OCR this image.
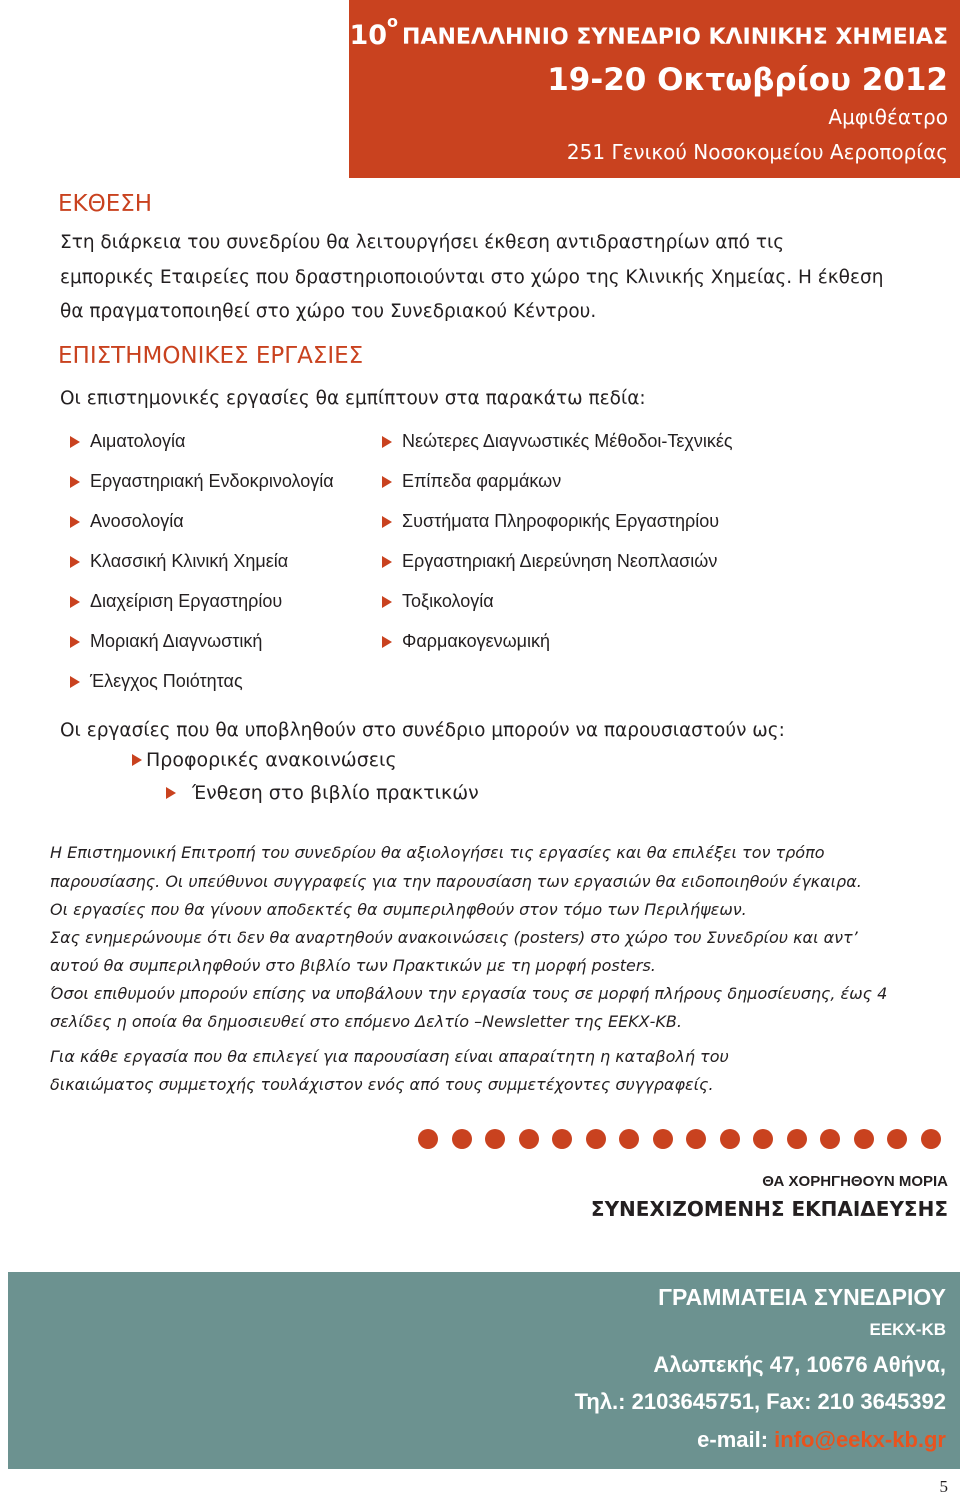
$10^o\Pi ANE\Lambda\Lambda HNIO$ ΣΥΝΕΔΡΙΟ ΚΛΙΝΙΚΗΣ ΧΗΜΕΙΑΣ
19-20 Οκτωβρίου 2012
Αμφιθέατρο
251 Γενικού Νοσοκομείου Αεροπορίας
ΕΚΘΕΣΗ
Στη διάρκεια του συνεδρίου θα λειτουργήσει έκθεση αντιδραστηρίων από τις
εμπορικές Εταιρείες που δραστηριοποιούνται στο χώρο της Κλινικής Χημείας. Η έκθεση
θα πραγματοποιηθεί στο χώρο του Συνεδριακού Κέντρου.
ΕΠΙΣΤΗΜΟΝΙΚΕΣ ΕΡΓΑΣΙΕΣ
Οι επιστημονικές εργασίες θα εμπίπτουν στα παρακάτω πεδία:
Αιματολογία
Εργαστηριακή Ενδοκρινολογία
Ανοσολογία
Κλασσική Κλινική Χημεία
Διαχείριση Εργαστηρίου
Μοριακή Διαγνωστική
Έλεγχος Ποιότητας
Νεώτερες Διαγνωστικές Μέθοδοι-Τεχνικές
Επίπεδα φαρμάκων
Συστήματα Πληροφορικής Εργαστηρίου
Εργαστηριακή Διερεύνηση Νεοπλασιών
Τοξικολογία
Φαρμακογενωμική
Οι εργασίες που θα υποβληθούν στο συνέδριο μπορούν να παρουσιαστούν ως:
Προφορικές ανακοινώσεις
Ένθεση στο βιβλίο πρακτικών
Η Επιστημονική Επιτροπή του συνεδρίου θα αξιολογήσει τις εργασίες και θα επιλέξει τον τρόπο
παρουσίασης. Οι υπεύθυνοι συγγραφείς για την παρουσίαση των εργασιών θα ειδοποιηθούν έγκαιρα.
Οι εργασίες που θα γίνουν αποδεκτές θα συμπεριληφθούν στον τόμο των Περιλήψεων.
Σας ενημερώνουμε ότι δεν θα αναρτηθούν ανακοινώσεις (posters) στο χώρο του Συνεδρίου και αντ’
αυτού θα συμπεριληφθούν στο βιβλίο των Πρακτικών με τη μορφή posters.
Όσοι επιθυμούν μπορούν επίσης να υποβάλουν την εργασία τους σε μορφή πλήρους δημοσίευσης, έως 4
σελίδες η οποία θα δημοσιευθεί στο επόμενο Δελτίο –Newsletter της ΕΕΚΧ-ΚΒ.
Για κάθε εργασία που θα επιλεγεί για παρουσίαση είναι απαραίτητη η καταβολή του
δικαιώματος συμμετοχής τουλάχιστον ενός από τους συμμετέχοντες συγγραφείς.
ΘΑ ΧΟΡΗΓΗΘΟΥΝ ΜΟΡΙΑ
ΣΥΝΕΧΙΖΟΜΕΝΗΣ ΕΚΠΑΙΔΕΥΣΗΣ
ΓΡΑΜΜΑΤΕΙΑ ΣΥΝΕΔΡΙΟΥ
ΕΕΚΧ-ΚΒ
Αλωπεκής 47, 10676 Αθήνα,
Τηλ.: 2103645751, Fax: 210 3645392
e-mail: info@eekx-kb.gr
5
